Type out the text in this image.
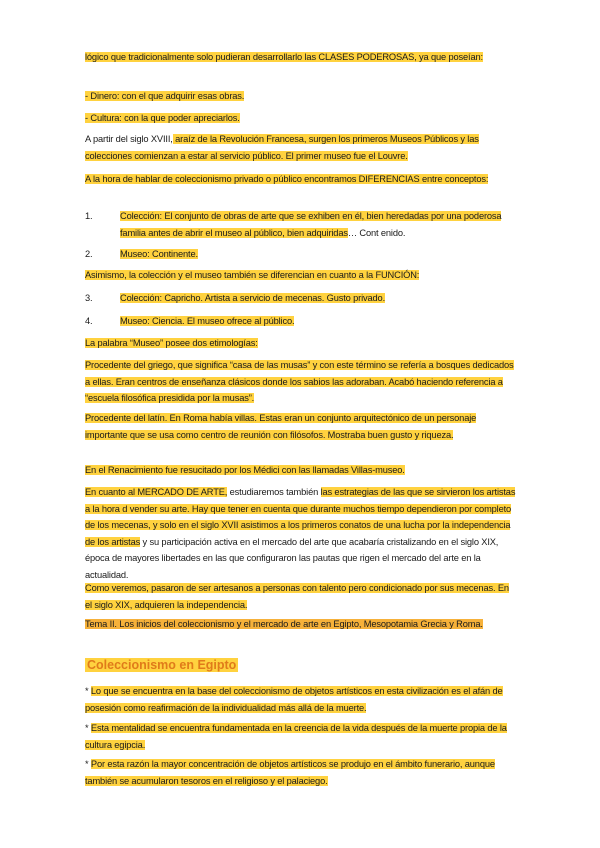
lógico que tradicionalmente solo pudieran desarrollarlo las CLASES PODEROSAS, ya que poseían:

- Dinero: con el que adquirir esas obras.

- Cultura: con la que poder apreciarlos.

A partir del siglo XVIII, araíz de la Revolución Francesa, surgen los primeros Museos Públicos y las colecciones comienzan a estar al servicio público. El primer museo fue el Louvre.

A la hora de hablar de coleccionismo privado o público encontramos DIFERENCIAS entre conceptos:

1.	Colección: El conjunto de obras de arte que se exhiben en él, bien heredadas por una poderosa familia antes de abrir el museo al público, bien adquiridas… Cont enido.
2.	Museo: Continente.

Asimismo, la colección y el museo también se diferencian en cuanto a la FUNCIÓN:

3.	Colección: Capricho. Artista a servicio de mecenas. Gusto privado.
4.	Museo: Ciencia. El museo ofrece al público.

La palabra “Museo” posee dos etimologías:

Procedente del griego, que significa “casa de las musas” y con este término se refería a bosques dedicados a ellas. Eran centros de enseñanza clásicos donde los sabios las adoraban. Acabó haciendo referencia a “escuela filosófica presidida por la musas”.

Procedente del latín. En Roma había villas. Estas eran un conjunto arquitectónico de un personaje importante que se usa como centro de reunión con filósofos. Mostraba buen gusto y riqueza.

En el Renacimiento fue resucitado por los Médici con las llamadas Villas-museo.

En cuanto al MERCADO DE ARTE, estudiaremos también las estrategias de las que se sirvieron los artistas a la hora d vender su arte. Hay que tener en cuenta que durante muchos tiempo dependieron por completo de los mecenas, y solo en el siglo XVII asistimos a los primeros conatos de una lucha por la independencia de los artistas y su participación activa en el mercado del arte que acabaría cristalizando en el siglo XIX, época de mayores libertades en las que configuraron las pautas que rigen el mercado del arte en la actualidad.

Como veremos, pasaron de ser artesanos a personas con talento pero condicionado por sus mecenas. En el siglo XIX, adquieren la independencia.

Tema II. Los inicios del coleccionismo y el mercado de arte en Egipto, Mesopotamia Grecia y Roma.

Coleccionismo en Egipto

* Lo que se encuentra en la base del coleccionismo de objetos artísticos en esta civilización es el afán de posesión como reafirmación de la individualidad más allá de la muerte.

* Esta mentalidad se encuentra fundamentada en la creencia de la vida después de la muerte propia de la cultura egipcia.

* Por esta razón la mayor concentración de objetos artísticos se produjo en el ámbito funerario, aunque también se acumularon tesoros en el religioso y el palaciego.
